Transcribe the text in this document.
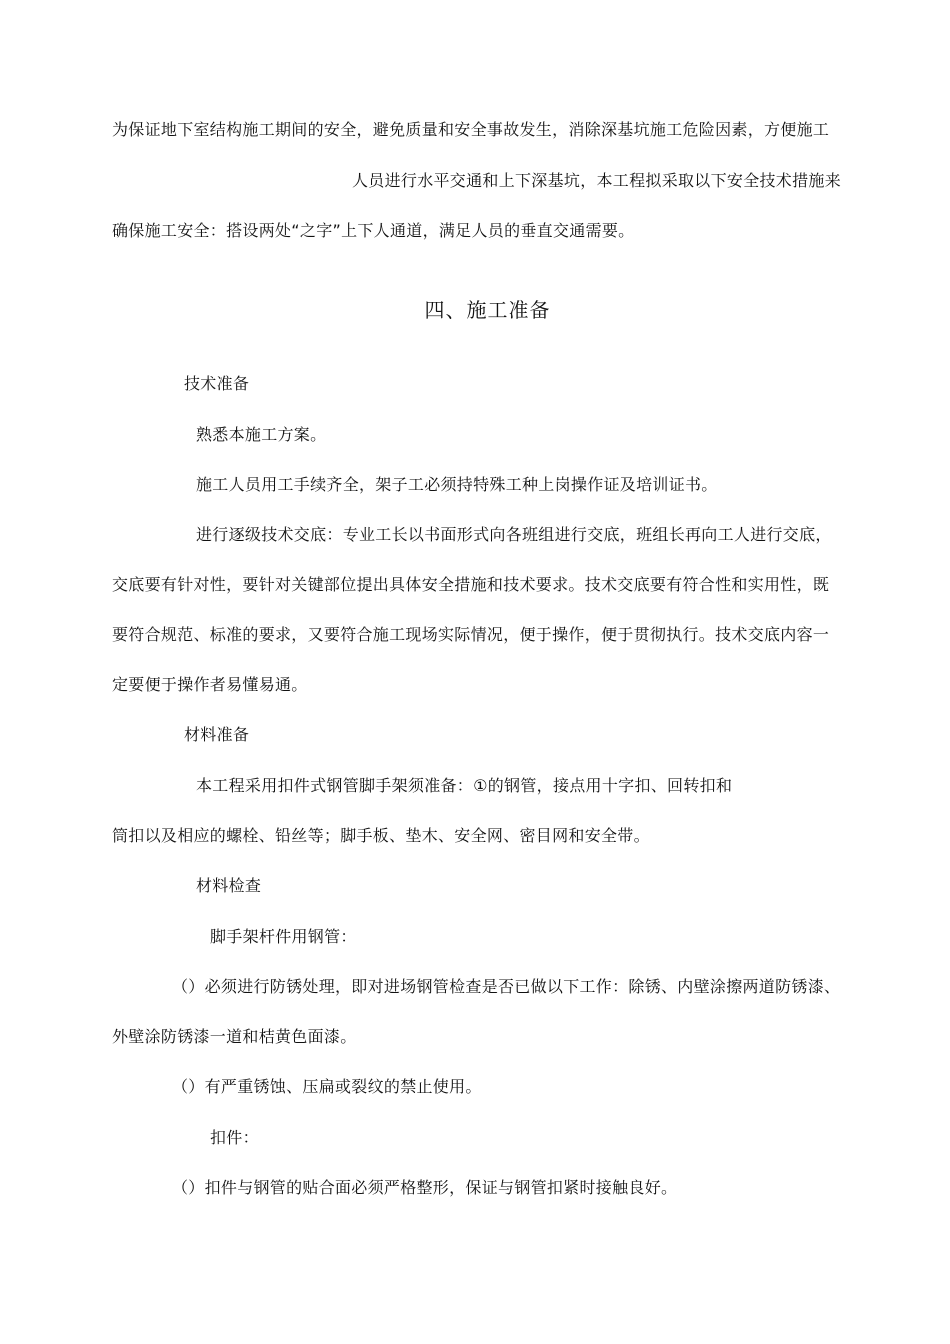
为保证地下室结构施工期间的安全，避免质量和安全事故发生，消除深基坑施工危险因素，方便施工
人员进行水平交通和上下深基坑，本工程拟采取以下安全技术措施来
确保施工安全：搭设两处“之字”上下人通道，满足人员的垂直交通需要。
四、施工准备
技术准备
熟悉本施工方案。
施工人员用工手续齐全，架子工必须持特殊工种上岗操作证及培训证书。
进行逐级技术交底：专业工长以书面形式向各班组进行交底，班组长再向工人进行交底，
交底要有针对性，要针对关键部位提出具体安全措施和技术要求。技术交底要有符合性和实用性，既
要符合规范、标准的要求，又要符合施工现场实际情况，便于操作，便于贯彻执行。技术交底内容一
定要便于操作者易懂易通。
材料准备
本工程采用扣件式钢管脚手架须准备：①的钢管，接点用十字扣、回转扣和
筒扣以及相应的螺栓、铅丝等；脚手板、垫木、安全网、密目网和安全带。
材料检查
脚手架杆件用钢管：
（）必须进行防锈处理，即对进场钢管检查是否已做以下工作：除锈、内壁涂擦两道防锈漆、
外壁涂防锈漆一道和桔黄色面漆。
（）有严重锈蚀、压扁或裂纹的禁止使用。
扣件：
（）扣件与钢管的贴合面必须严格整形，保证与钢管扣紧时接触良好。
